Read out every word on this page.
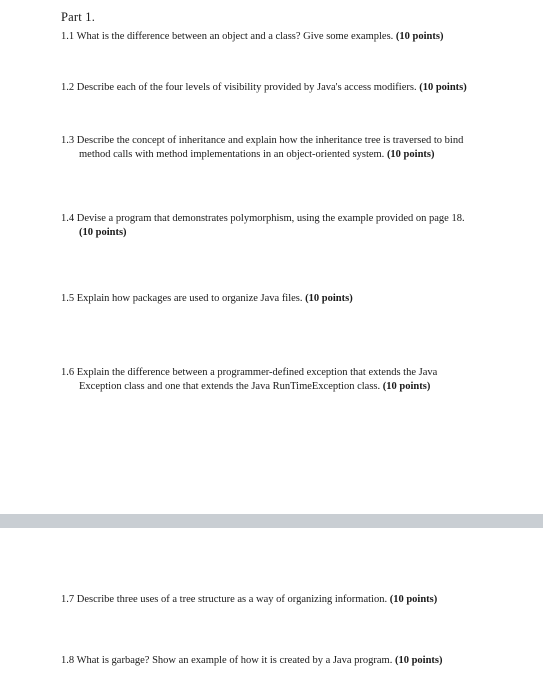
Part 1.
1.1 What is the difference between an object and a class? Give some examples. (10 points)
1.2 Describe each of the four levels of visibility provided by Java's access modifiers. (10 points)
1.3 Describe the concept of inheritance and explain how the inheritance tree is traversed to bind
method calls with method implementations in an object-oriented system. (10 points)
1.4 Devise a program that demonstrates polymorphism, using the example provided on page 18.
(10 points)
1.5 Explain how packages are used to organize Java files. (10 points)
1.6 Explain the difference between a programmer-defined exception that extends the Java
Exception class and one that extends the Java RunTimeException class. (10 points)
1.7 Describe three uses of a tree structure as a way of organizing information. (10 points)
1.8 What is garbage? Show an example of how it is created by a Java program. (10 points)
